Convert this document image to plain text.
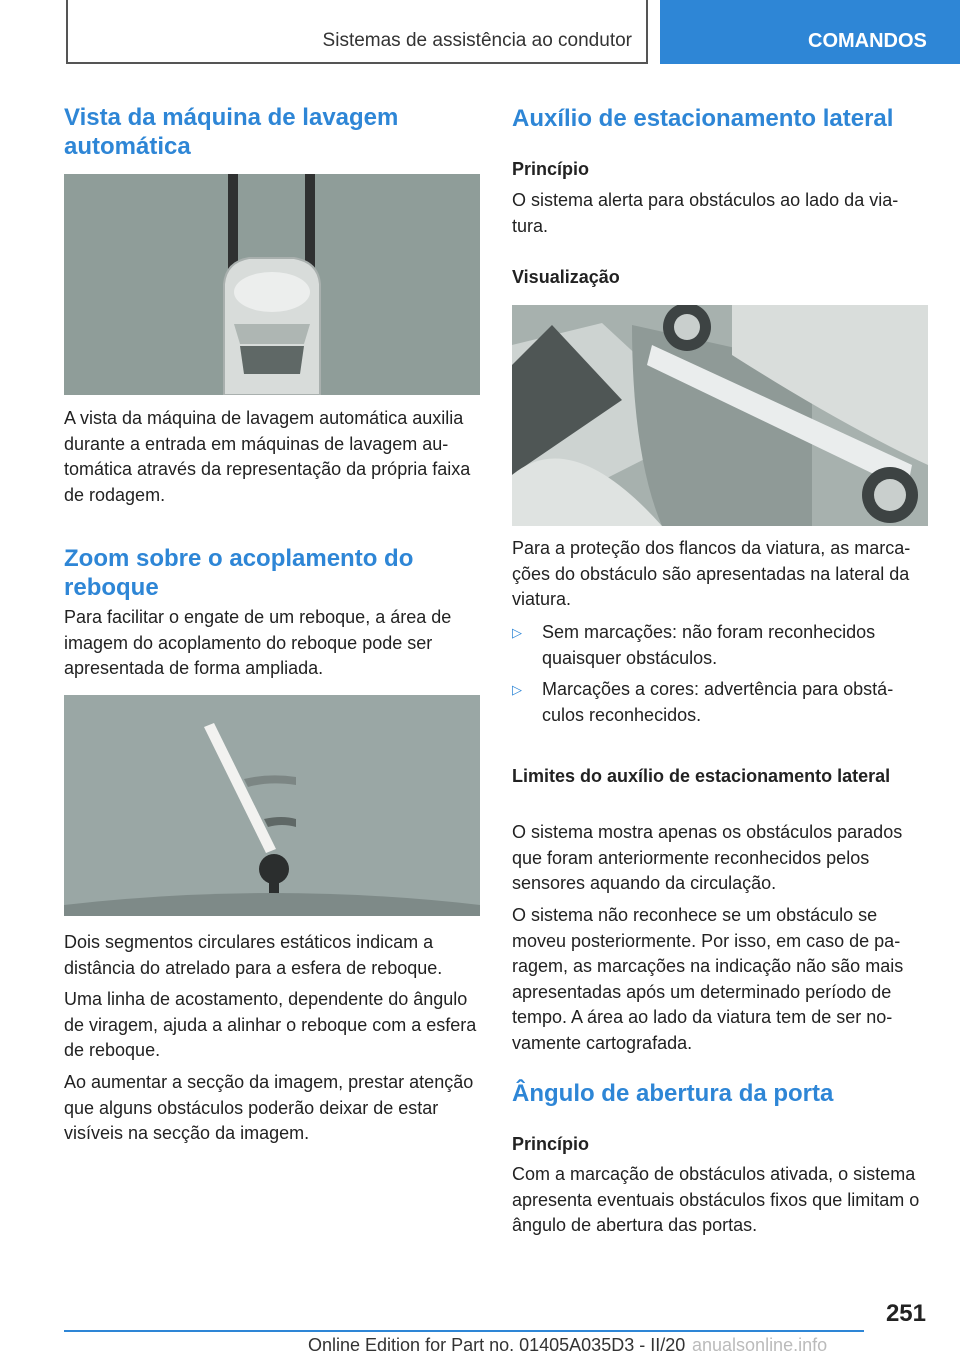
Sistemas de assistência ao condutor	COMANDOS
Vista da máquina de lavagem automática

A vista da máquina de lavagem automática auxilia durante a entrada em máquinas de lavagem automática através da representação da própria faixa de rodagem.

Zoom sobre o acoplamento do reboque

Para facilitar o engate de um reboque, a área de imagem do acoplamento do reboque pode ser apresentada de forma ampliada.

Dois segmentos circulares estáticos indicam a distância do atrelado para a esfera de reboque.

Uma linha de acostamento, dependente do ângulo de viragem, ajuda a alinhar o reboque com a esfera de reboque.

Ao aumentar a secção da imagem, prestar atenção que alguns obstáculos poderão deixar de estar visíveis na secção da imagem.

Auxílio de estacionamento lateral
Princípio

O sistema alerta para obstáculos ao lado da viatura.

Visualização

Para a proteção dos flancos da viatura, as marcações do obstáculo são apresentadas na lateral da viatura.

▷ Sem marcações: não foram reconhecidos quaisquer obstáculos.
▷ Marcações a cores: advertência para obstáculos reconhecidos.
Limites do auxílio de estacionamento lateral

O sistema mostra apenas os obstáculos parados que foram anteriormente reconhecidos pelos sensores aquando da circulação.

O sistema não reconhece se um obstáculo se moveu posteriormente. Por isso, em caso de paragem, as marcações na indicação não são mais apresentadas após um determinado período de tempo. A área ao lado da viatura tem de ser novamente cartografada.

Ângulo de abertura da porta
Princípio

Com a marcação de obstáculos ativada, o sistema apresenta eventuais obstáculos fixos que limitam o ângulo de abertura das portas.

251
Online Edition for Part no. 01405A035D3 - II/20 anualsonline.info
